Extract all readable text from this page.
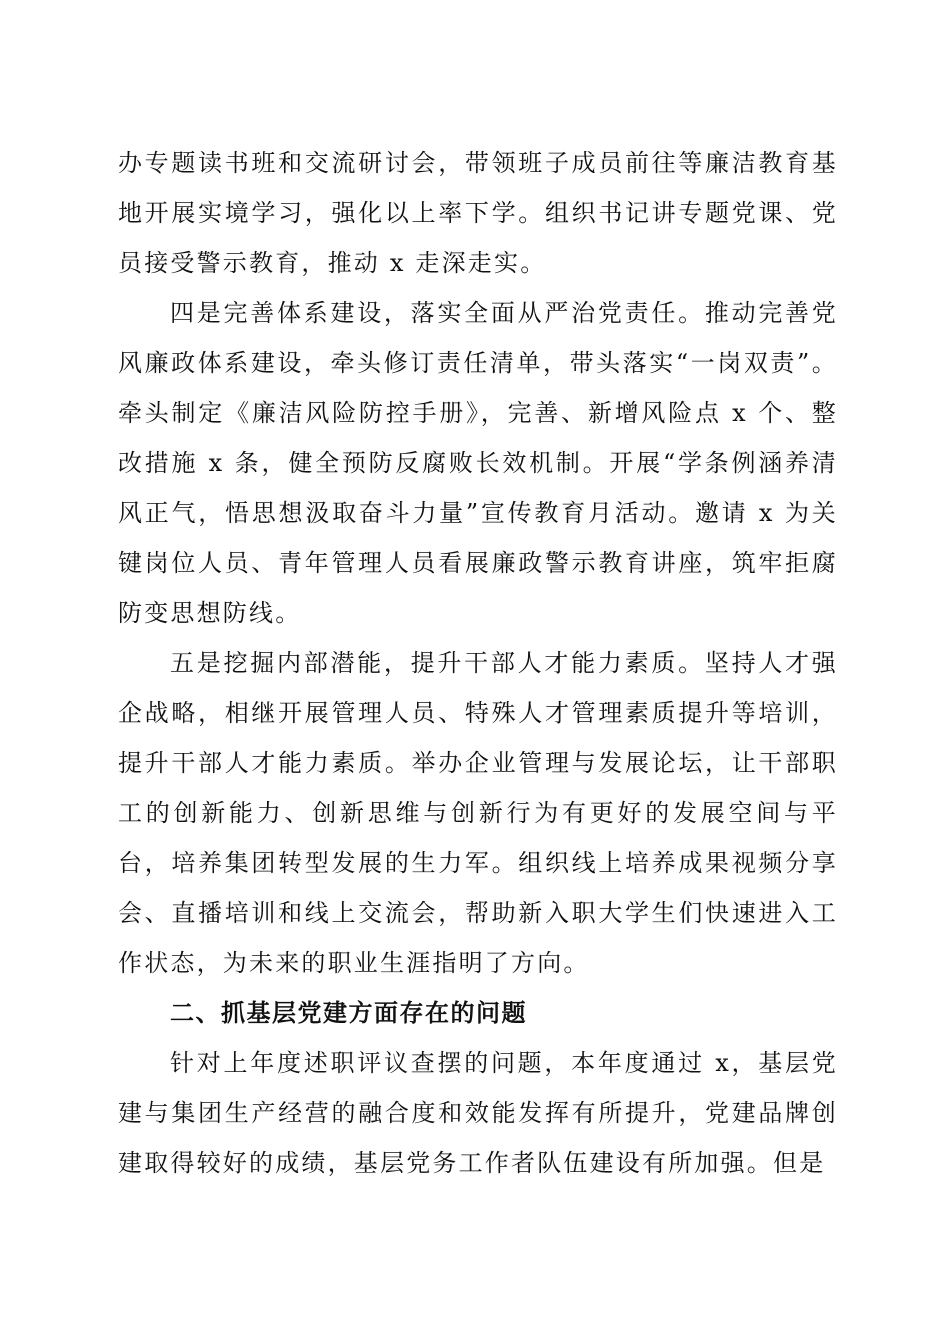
办专题读书班和交流研讨会，带领班子成员前往等廉洁教育基地开展实境学习，强化以上率下学。组织书记讲专题党课、党员接受警示教育，推动 x 走深走实。

四是完善体系建设，落实全面从严治党责任。推动完善党风廉政体系建设，牵头修订责任清单，带头落实“一岗双责”。牵头制定《廉洁风险防控手册》，完善、新增风险点 x 个、整改措施 x 条，健全预防反腐败长效机制。开展“学条例涵养清风正气，悟思想汲取奋斗力量”宣传教育月活动。邀请 x 为关键岗位人员、青年管理人员看展廉政警示教育讲座，筑牢拒腐防变思想防线。

五是挖掘内部潜能，提升干部人才能力素质。坚持人才强企战略，相继开展管理人员、特殊人才管理素质提升等培训，提升干部人才能力素质。举办企业管理与发展论坛，让干部职工的创新能力、创新思维与创新行为有更好的发展空间与平台，培养集团转型发展的生力军。组织线上培养成果视频分享会、直播培训和线上交流会，帮助新入职大学生们快速进入工作状态，为未来的职业生涯指明了方向。

二、抓基层党建方面存在的问题

针对上年度述职评议查摆的问题，本年度通过 x，基层党建与集团生产经营的融合度和效能发挥有所提升，党建品牌创建取得较好的成绩，基层党务工作者队伍建设有所加强。但是
